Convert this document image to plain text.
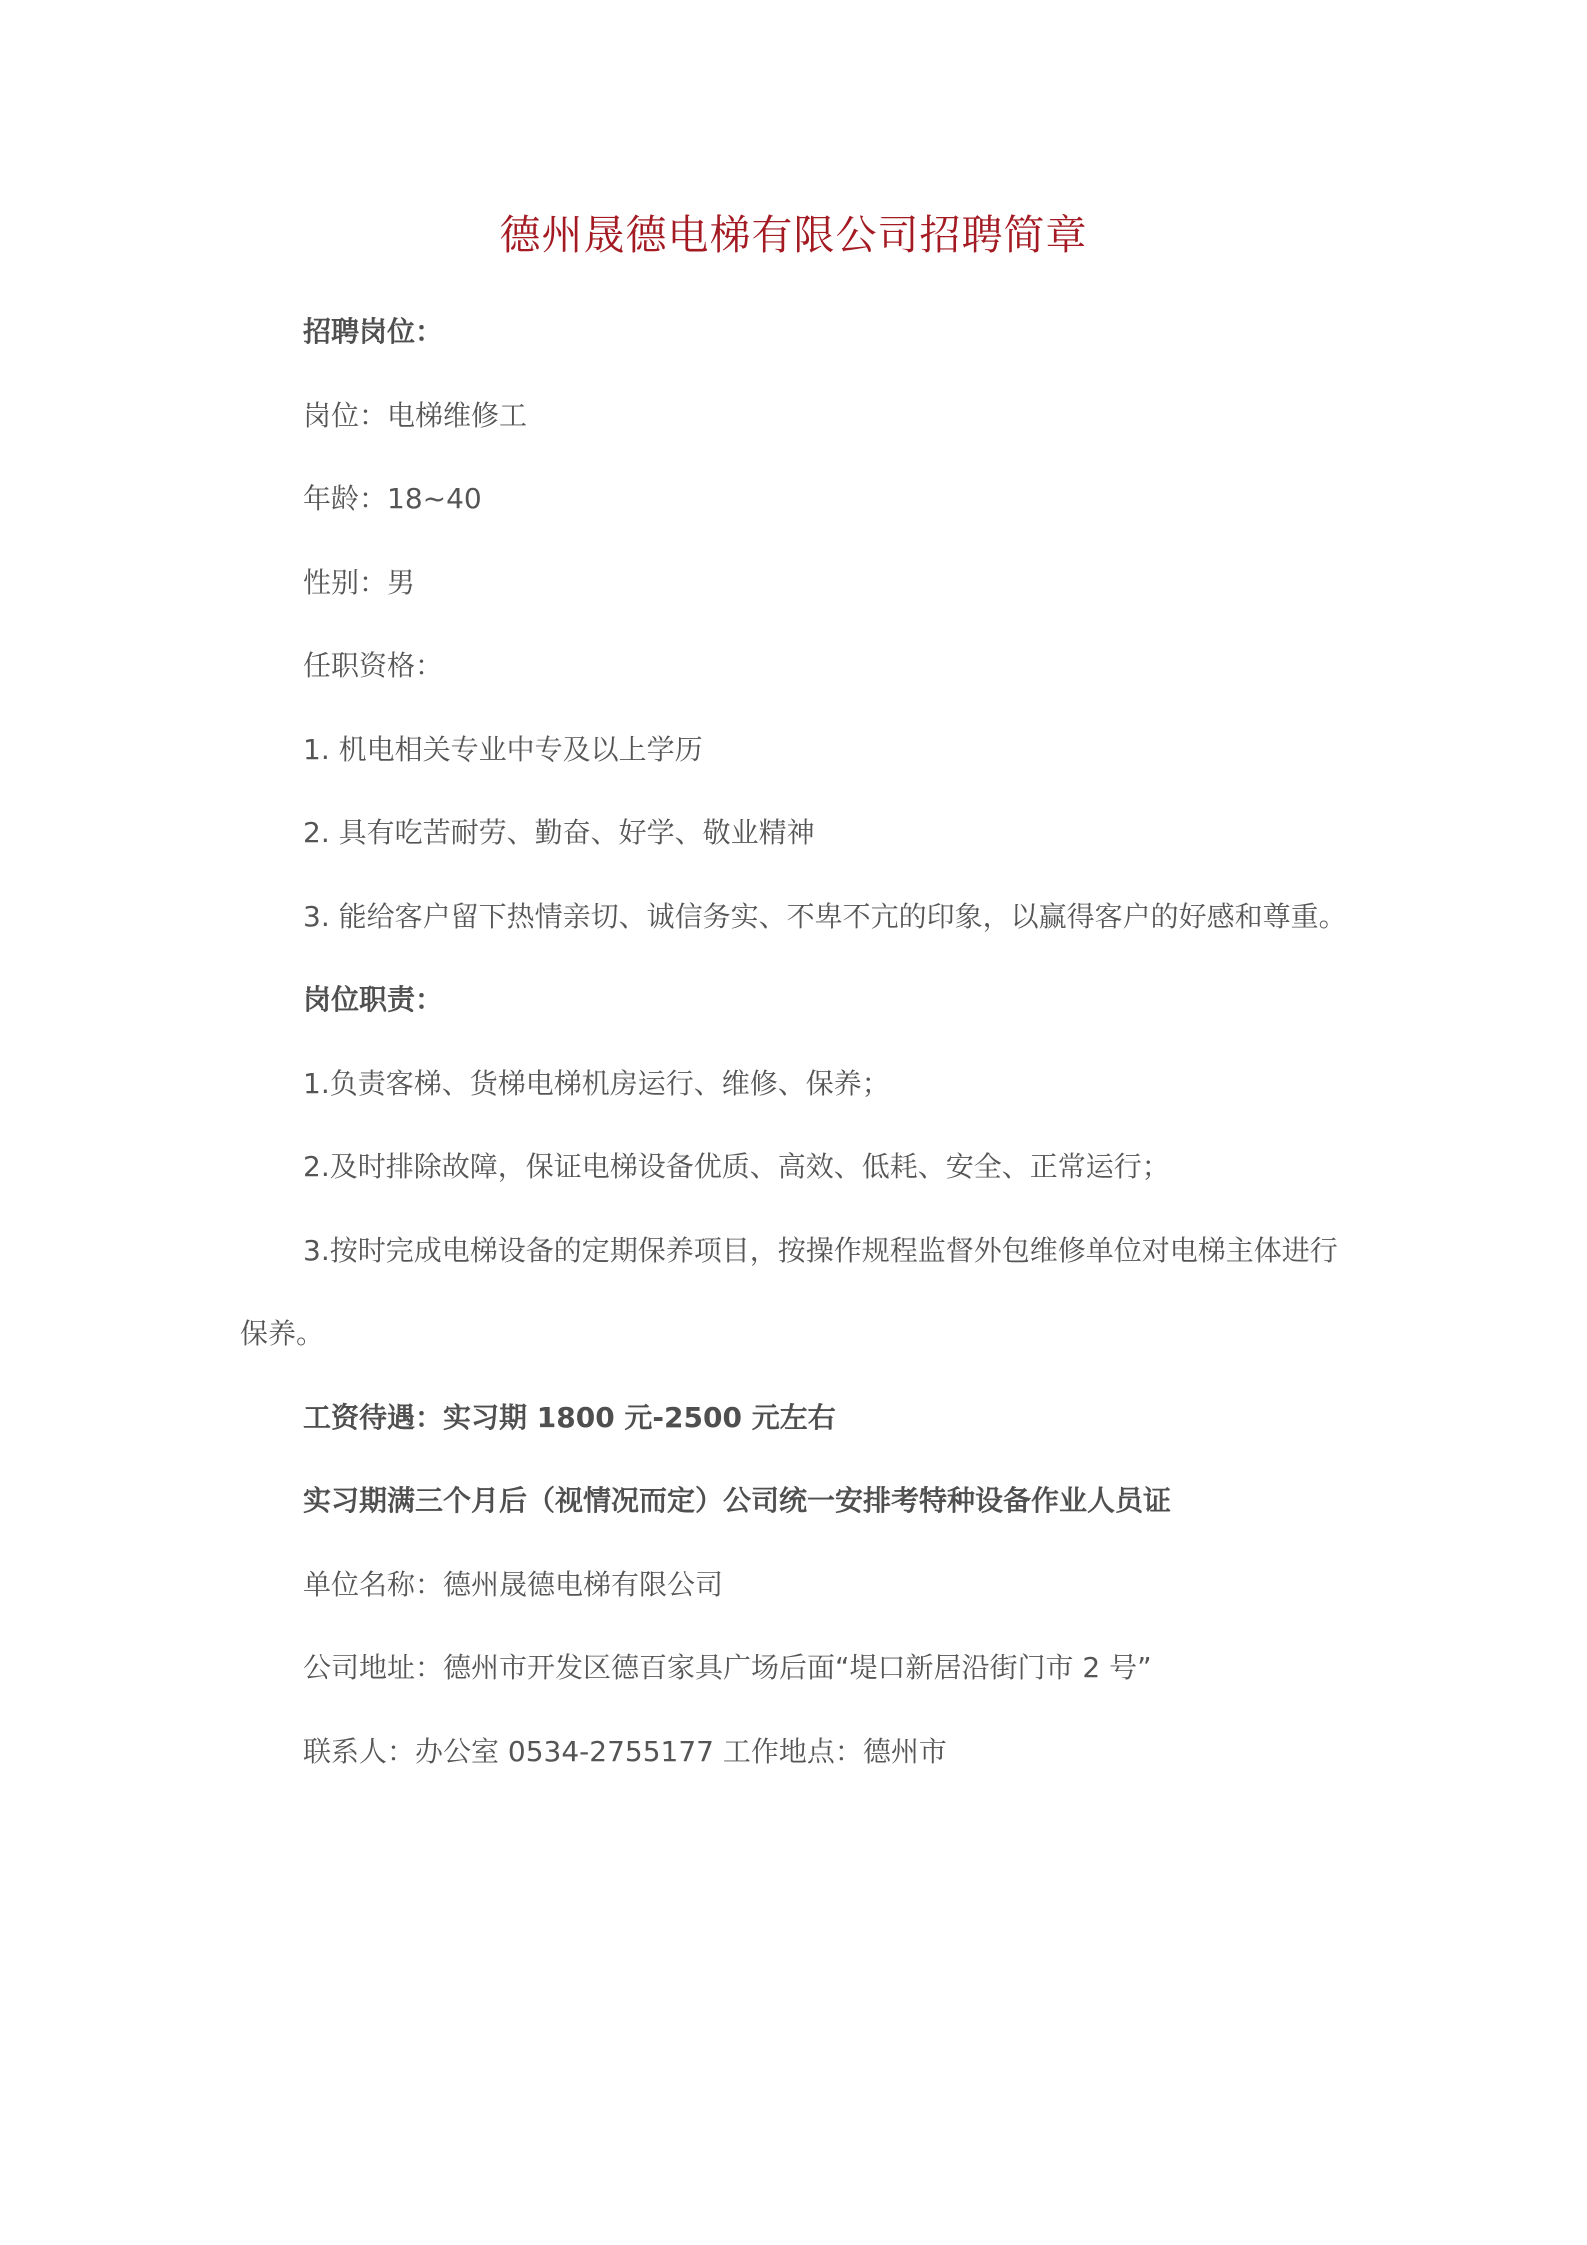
德州晟德电梯有限公司招聘简章
招聘岗位：
岗位：电梯维修工
年龄：18~40
性别：男
任职资格：
1. 机电相关专业中专及以上学历
2. 具有吃苦耐劳、勤奋、好学、敬业精神
3. 能给客户留下热情亲切、诚信务实、不卑不亢的印象，以赢得客户的好感和尊重。
岗位职责：
1.负责客梯、货梯电梯机房运行、维修、保养；
2.及时排除故障，保证电梯设备优质、高效、低耗、安全、正常运行；
3.按时完成电梯设备的定期保养项目，按操作规程监督外包维修单位对电梯主体进行
保养。
工资待遇：实习期 1800 元-2500 元左右
实习期满三个月后（视情况而定）公司统一安排考特种设备作业人员证
单位名称：德州晟德电梯有限公司
公司地址：德州市开发区德百家具广场后面“堤口新居沿街门市 2 号”
联系人：办公室 0534-2755177 工作地点：德州市
